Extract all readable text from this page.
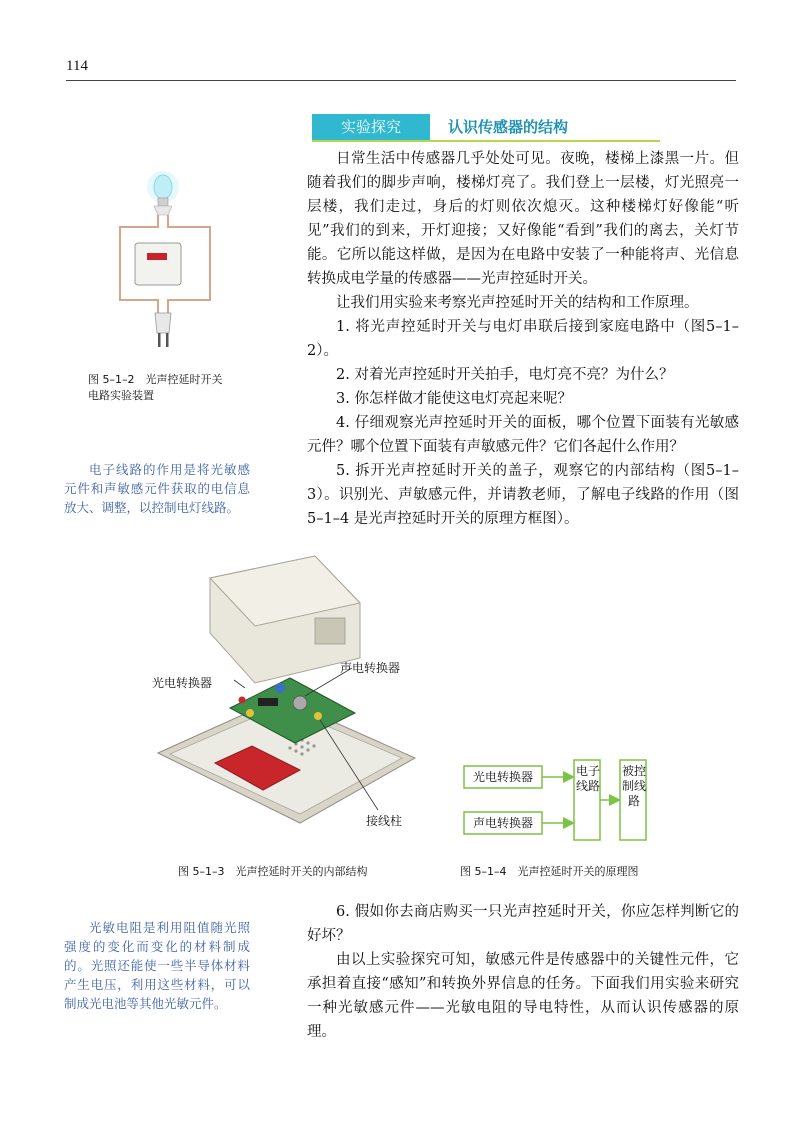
114
实验探究	认识传感器的结构
图 5–1–2　光声控延时开关
电路实验装置
电子线路的作用是将光敏感元件和声敏感元件获取的电信息放大、调整，以控制电灯线路。

日常生活中传感器几乎处处可见。夜晚，楼梯上漆黑一片。但随着我们的脚步声响，楼梯灯亮了。我们登上一层楼，灯光照亮一层楼，我们走过，身后的灯则依次熄灭。这种楼梯灯好像能“听见”我们的到来，开灯迎接；又好像能“看到”我们的离去，关灯节能。它所以能这样做，是因为在电路中安装了一种能将声、光信息转换成电学量的传感器——光声控延时开关。

让我们用实验来考察光声控延时开关的结构和工作原理。

1. 将光声控延时开关与电灯串联后接到家庭电路中（图5–1–2）。

2. 对着光声控延时开关拍手，电灯亮不亮？为什么？

3. 你怎样做才能使这电灯亮起来呢？

4. 仔细观察光声控延时开关的面板，哪个位置下面装有光敏感元件？哪个位置下面装有声敏感元件？它们各起什么作用？

5. 拆开光声控延时开关的盖子，观察它的内部结构（图5–1–3）。识别光、声敏感元件，并请教老师，了解电子线路的作用（图5–1–4 是光声控延时开关的原理方框图）。

声电转换器
光电转换器
接线柱
图 5–1–3　光声控延时开关的内部结构
光电转换器
声电转换器
电子线路
被控制线路
图 5–1–4　光声控延时开关的原理图
光敏电阻是利用阻值随光照强度的变化而变化的材料制成的。光照还能使一些半导体材料产生电压，利用这些材料，可以制成光电池等其他光敏元件。

6. 假如你去商店购买一只光声控延时开关，你应怎样判断它的好坏？

由以上实验探究可知，敏感元件是传感器中的关键性元件，它承担着直接“感知”和转换外界信息的任务。下面我们用实验来研究一种光敏感元件——光敏电阻的导电特性，从而认识传感器的原理。
